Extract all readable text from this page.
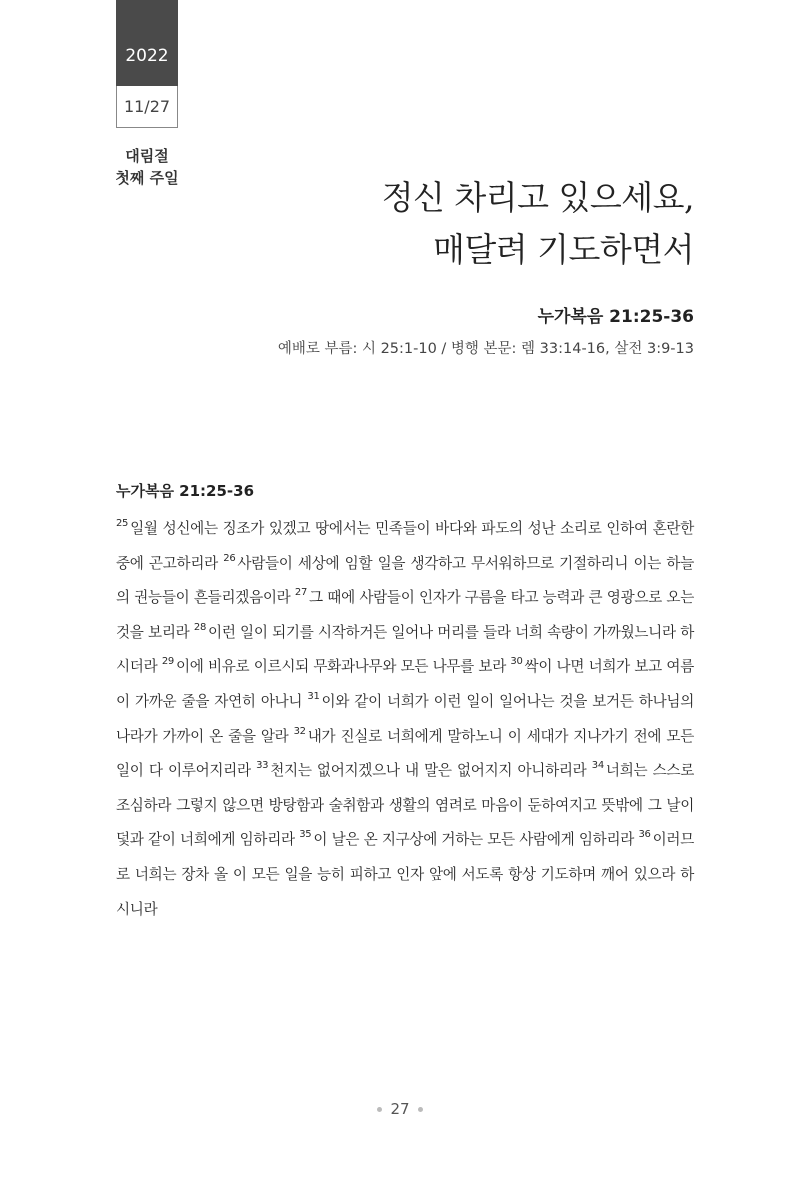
2022
11/27
대림절
첫째 주일	정신 차리고 있으세요,
매달려 기도하면서
누가복음 21:25-36
예배로 부름: 시 25:1-10 / 병행 본문: 렘 33:14-16, 살전 3:9-13
누가복음 21:25-36
$^{25}$ 일월 성신에는 징조가 있겠고 땅에서는 민족들이 바다와 파도의 성난 소리로 인하여 혼란한 중에 곤고하리라 $^{26}$ 사람들이 세상에 임할 일을 생각하고 무서워하므로 기절하리니 이는 하늘의 권능들이 흔들리겠음이라 $^{27}$ 그 때에 사람들이 인자가 구름을 타고 능력과 큰 영광으로 오는 것을 보리라 $^{28}$ 이런 일이 되기를 시작하거든 일어나 머리를 들라 너희 속량이 가까웠느니라 하시더라 $^{29}$ 이에 비유로 이르시되 무화과나무와 모든 나무를 보라 $^{30}$ 싹이 나면 너희가 보고 여름이 가까운 줄을 자연히 아나니 $^{31}$ 이와 같이 너희가 이런 일이 일어나는 것을 보거든 하나님의 나라가 가까이 온 줄을 알라 $^{32}$ 내가 진실로 너희에게 말하노니 이 세대가 지나가기 전에 모든 일이 다 이루어지리라 $^{33}$ 천지는 없어지겠으나 내 말은 없어지지 아니하리라 $^{34}$ 너희는 스스로 조심하라 그렇지 않으면 방탕함과 술취함과 생활의 염려로 마음이 둔하여지고 뜻밖에 그 날이 덫과 같이 너희에게 임하리라 $^{35}$ 이 날은 온 지구상에 거하는 모든 사람에게 임하리라 $^{36}$ 이러므로 너희는 장차 올 이 모든 일을 능히 피하고 인자 앞에 서도록 항상 기도하며 깨어 있으라 하시니라
27
